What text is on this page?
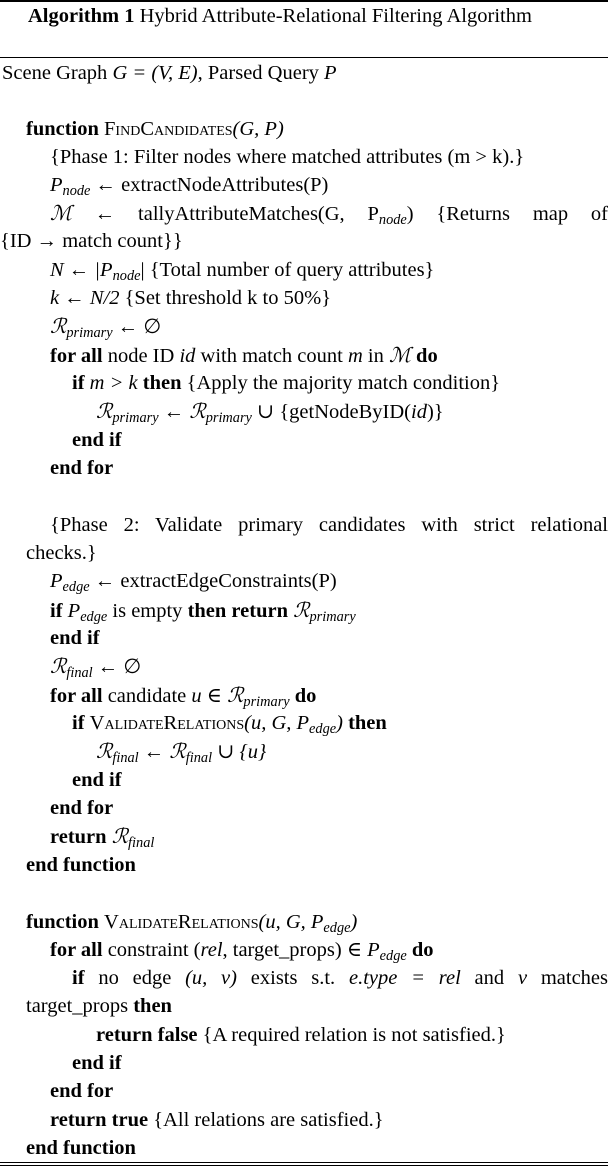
Algorithm 1 Hybrid Attribute-Relational Filtering Algorithm
Scene Graph G = (V, E), Parsed Query P
function FindCandidates(G, P)
{Phase 1: Filter nodes where matched attributes (m > k).}
$P_{node}$ ← extractNodeAttributes(P)
ℳ ← tallyAttributeMatches(G, $P_{node}$) {Returns map of
{ID → match count}}
N ← $|P_{node}|$ {Total number of query attributes}
k ← N/2 {Set threshold k to 50%}
ℛ$_{primary}$ ← ∅
for all node ID id with match count m in ℳ do
if m > k then {Apply the majority match condition}
ℛ$_{primary}$ ← ℛ$_{primary}$ ∪ {getNodeByID(id)}
end if
end for
{Phase 2: Validate primary candidates with strict relational
checks.}
$P_{edge}$ ← extractEdgeConstraints(P)
if $P_{edge}$ is empty then return ℛ$_{primary}$
end if
ℛ$_{final}$ ← ∅
for all candidate u ∈ ℛ$_{primary}$ do
if ValidateRelations(u, G, $P_{edge}$) then
ℛ$_{final}$ ← ℛ$_{final}$ ∪ {u}
end if
end for
return ℛ$_{final}$
end function
function ValidateRelations(u, G, $P_{edge}$)
for all constraint (rel, target_props) ∈ $P_{edge}$ do
if no edge (u, v) exists s.t. e.type = rel and v matches
target_props then
return false {A required relation is not satisfied.}
end if
end for
return true {All relations are satisfied.}
end function
